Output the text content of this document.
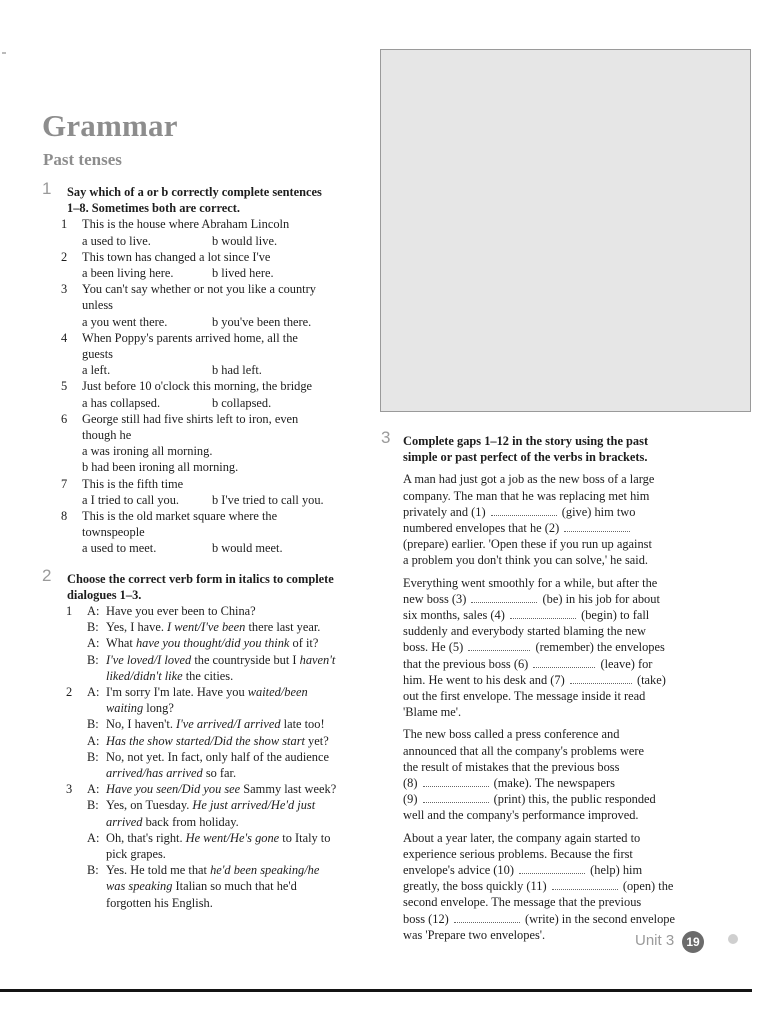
Grammar
Past tenses
1 Say which of a or b correctly complete sentences
1–8. Sometimes both are correct.
1 This is the house where Abraham Lincoln
a used to live.	b would live.
2 This town has changed a lot since I've
a been living here.	b lived here.
3 You can't say whether or not you like a country
unless
a you went there.	b you've been there.
4 When Poppy's parents arrived home, all the
guests
a left.	b had left.
5 Just before 10 o'clock this morning, the bridge
a has collapsed.	b collapsed.
6 George still had five shirts left to iron, even
though he
a was ironing all morning.
b had been ironing all morning.
7 This is the fifth time
a I tried to call you.	b I've tried to call you.
8 This is the old market square where the
townspeople
a used to meet.	b would meet.
2 Choose the correct verb form in italics to complete
dialogues 1–3.
1 A: Have you ever been to China?
B: Yes, I have. I went/I've been there last year.
A: What have you thought/did you think of it?
B: I've loved/I loved the countryside but I haven't
liked/didn't like the cities.
2 A: I'm sorry I'm late. Have you waited/been
waiting long?
B: No, I haven't. I've arrived/I arrived late too!
A: Has the show started/Did the show start yet?
B: No, not yet. In fact, only half of the audience
arrived/has arrived so far.
3 A: Have you seen/Did you see Sammy last week?
B: Yes, on Tuesday. He just arrived/He'd just
arrived back from holiday.
A: Oh, that's right. He went/He's gone to Italy to
pick grapes.
B: Yes. He told me that he'd been speaking/he
was speaking Italian so much that he'd
forgotten his English.
3 Complete gaps 1–12 in the story using the past
simple or past perfect of the verbs in brackets.
A man had just got a job as the new boss of a large
company. The man that he was replacing met him
privately and (1)	(give) him two
numbered envelopes that he (2)
(prepare) earlier. 'Open these if you run up against
a problem you don't think you can solve,' he said.
Everything went smoothly for a while, but after the
new boss (3)	(be) in his job for about
six months, sales (4)	(begin) to fall
suddenly and everybody started blaming the new
boss. He (5)	(remember) the envelopes
that the previous boss (6)	(leave) for
him. He went to his desk and (7)	(take)
out the first envelope. The message inside it read
'Blame me'.
The new boss called a press conference and
announced that all the company's problems were
the result of mistakes that the previous boss
(8)	(make). The newspapers
(9)	(print) this, the public responded
well and the company's performance improved.
About a year later, the company again started to
experience serious problems. Because the first
envelope's advice (10)	(help) him
greatly, the boss quickly (11)	(open) the
second envelope. The message that the previous
boss (12)	(write) in the second envelope
was 'Prepare two envelopes'.	Unit 3	19
